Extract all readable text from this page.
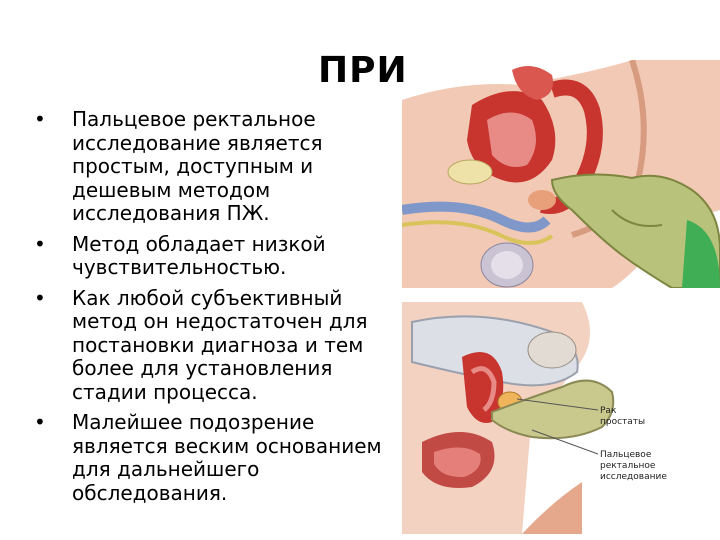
ПРИ
• Пальцевое ректальное исследование является простым, доступным и дешевым методом исследования ПЖ.
• Метод обладает низкой чувствительностью.
• Как любой субъективный метод он недостаточен для постановки диагноза и тем более для установления стадии процесса.
• Малейшее подозрение является веским основанием для дальнейшего обследования.
Рак
простаты
Пальцевое
ректальное
исследование
